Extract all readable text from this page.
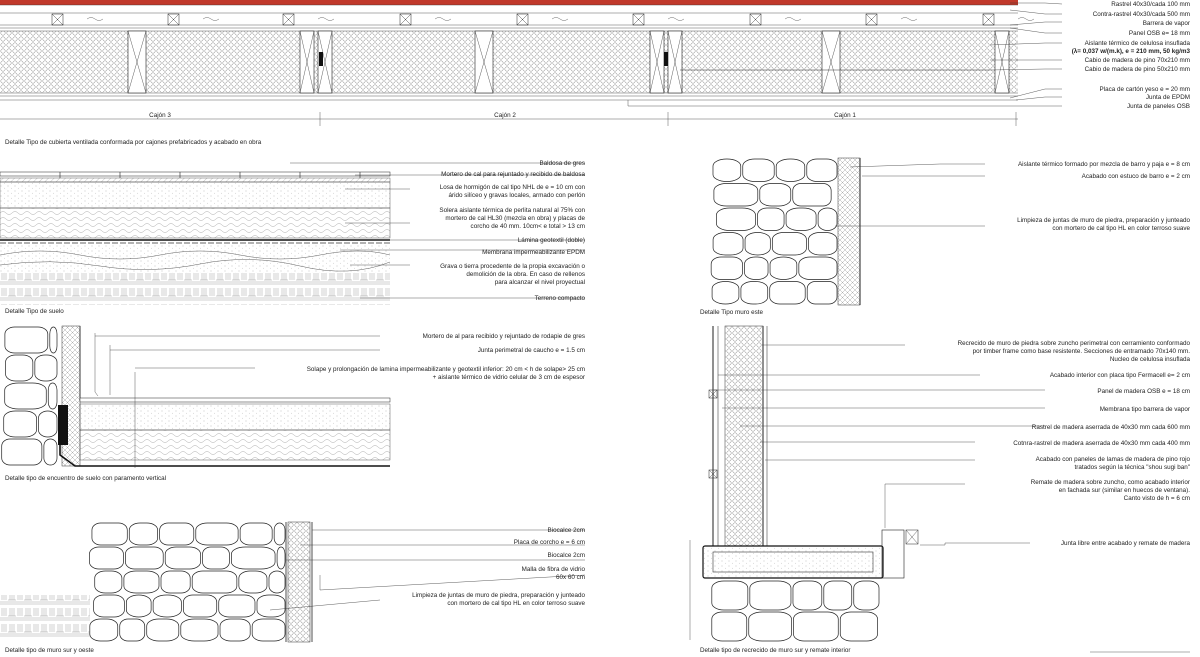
Cajón 3	Cajón 2	Cajón 1
Rastrel 40x30/cada 100 mm
Contra-rastrel 40x30/cada 500 mm
Barrera de vapor
Panel OSB e= 18 mm
Aislante térmico de celulosa insuflada
(λ= 0,037 w/(m.k), e = 210 mm, 50 kg/m3
Cabio de madera de pino 70x210 mm
Cabio de madera de pino 50x210 mm
Placa de cartón yeso e = 20 mm
Junta de EPDM
Junta de paneles OSB
Detalle Tipo de cubierta ventilada conformada por cajones prefabricados y acabado en obra
Baldosa de gres
Mortero de cal para rejuntado y recibido de baldosa
Losa de hormigón de cal tipo NHL de e = 10 cm con
árido silíceo y gravas locales, armado con perlón
Solera aislante térmica de perlita natural al 75% con
mortero de cal HL30 (mezcla en obra) y placas de
corcho de 40 mm. 10cm< e total > 13 cm
Lámina geotextil (doble)
Membrana impermeabilizante EPDM
Grava o tierra procedente de la propia excavación o
demolición de la obra. En caso de rellenos
para alcanzar el nivel proyectual
Terreno compacto
Detalle Tipo de suelo
Aislante térmico formado por mezcla de barro y paja e = 8 cm
Acabado con estuco de barro e = 2 cm
Limpieza de juntas de muro de piedra, preparación y junteado
con mortero de cal tipo HL en color terroso suave
Detalle Tipo muro este
Mortero de al para recibido y rejuntado de rodapie de gres
Junta perimetral de caucho e = 1.5 cm
Solape y prolongación de lamina impermeabilizante y geotextil inferior: 20 cm < h de solape> 25 cm
+ aislante térmico de vidrio celular de 3 cm de espesor
Detalle tipo de encuentro de suelo con paramento vertical
Biocalce 2cm
Placa de corcho e = 6 cm
Biocalce 2cm
Malla de fibra de vidrio
60x 60 cm
Limpieza de juntas de muro de piedra, preparación y junteado
con mortero de cal tipo HL en color terroso suave
Detalle tipo de muro sur y oeste
Recrecido de muro de piedra sobre zuncho perimetral con cerramiento conformado
por timber frame como base resistente. Secciones de entramado 70x140 mm.
Nucleo de celulosa insuflada
Acabado interior con placa tipo Fermacell e= 2 cm
Panel de madera OSB e = 18 cm
Membrana tipo barrera de vapor
Rastrel de madera aserrada de 40x30 mm cada 600 mm
Cotnra-rastrel de madera aserrada de 40x30 mm cada 400 mm
Acabado con paneles de lamas de madera de pino rojo
tratados según la técnica "shou sugi ban"
Remate de madera sobre zuncho, como acabado interior
en fachada sur (similar en huecos de ventana).
Canto visto de h = 6 cm
Junta libre entre acabado y remate de madera
Detalle tipo de recrecido de muro sur y remate interior
